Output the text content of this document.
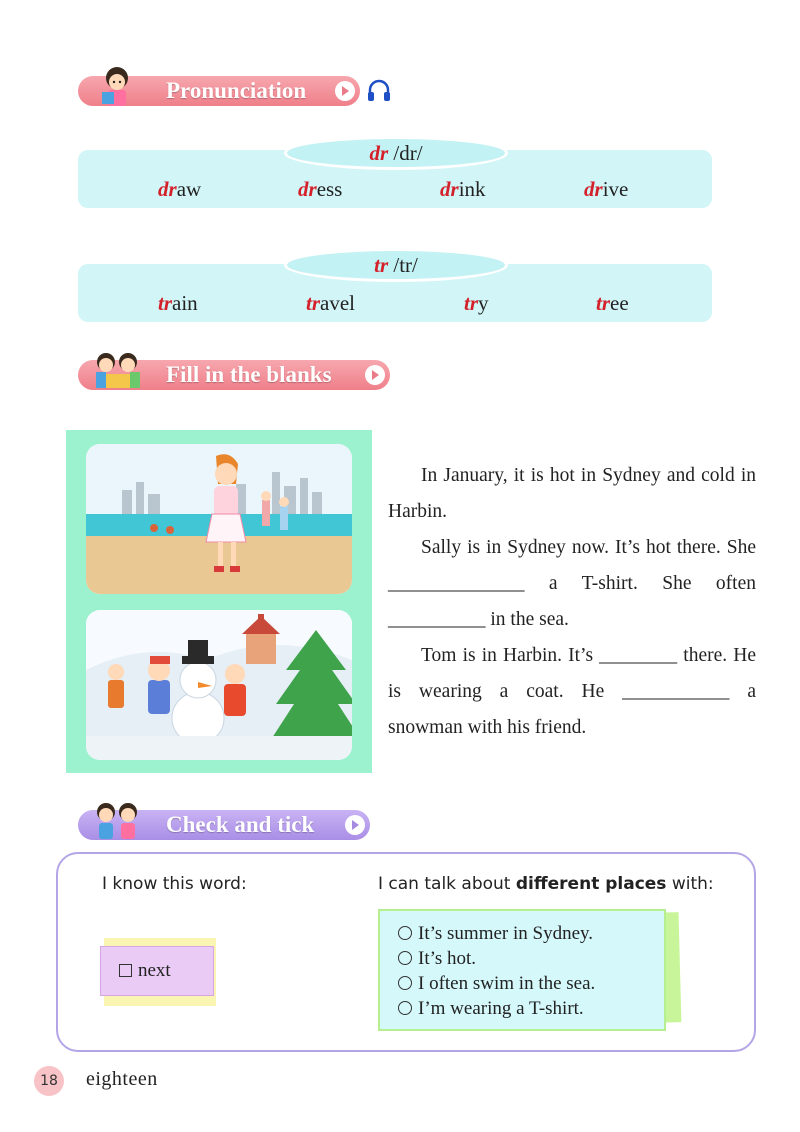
Pronunciation
dr /dr/
draw	dress	drink	drive
tr /tr/
train	travel	try	tree
Fill in the blanks

In January, it is hot in Sydney and cold in Harbin.

Sally is in Sydney now. It’s hot there. She ______________ a T-shirt. She often __________ in the sea.

Tom is in Harbin. It’s ________ there. He is wearing a coat. He ___________ a snowman with his friend.

Check and tick
I know this word:	I can talk about different places with:
next
It’s summer in Sydney.
It’s hot.
I often swim in the sea.
I’m wearing a T-shirt.
18	eighteen
